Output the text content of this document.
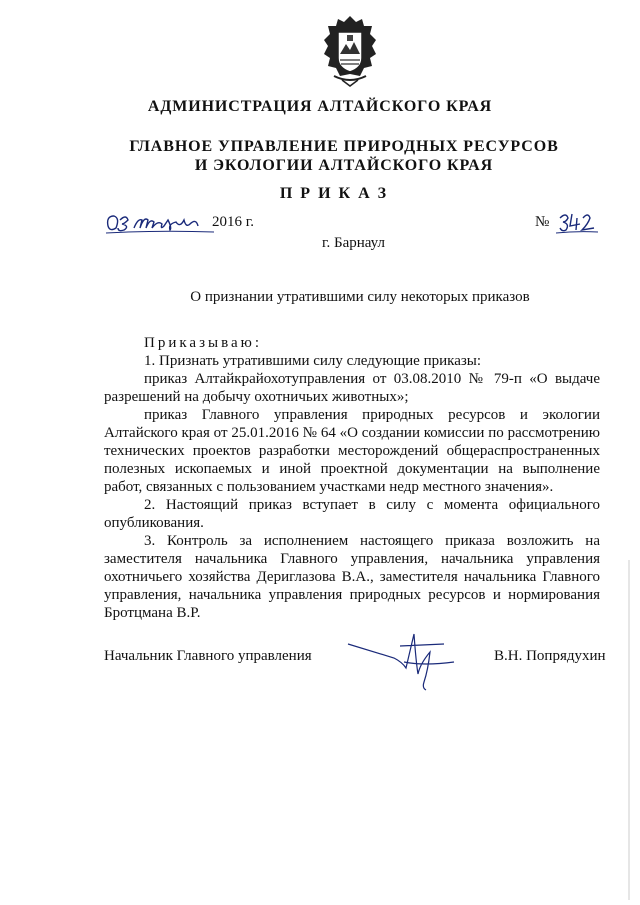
АДМИНИСТРАЦИЯ АЛТАЙСКОГО КРАЯ
ГЛАВНОЕ УПРАВЛЕНИЕ ПРИРОДНЫХ РЕСУРСОВ
И ЭКОЛОГИИ АЛТАЙСКОГО КРАЯ
П Р И К А З
2016 г.	№
г. Барнаул
О признании утратившими силу некоторых приказов

Приказываю:

1. Признать утратившими силу следующие приказы:

приказ Алтайкрайохотуправления от 03.08.2010 № 79-п «О выдаче разрешений на добычу охотничьих животных»;

приказ Главного управления природных ресурсов и экологии Алтайского края от 25.01.2016 № 64 «О создании комиссии по рассмотрению технических проектов разработки месторождений общераспространенных полезных ископаемых и иной проектной документации на выполнение работ, связанных с пользованием участками недр местного значения».

2. Настоящий приказ вступает в силу с момента официального опубликования.

3. Контроль за исполнением настоящего приказа возложить на заместителя начальника Главного управления, начальника управления охотничьего хозяйства Дериглазова В.А., заместителя начальника Главного управления, начальника управления природных ресурсов и нормирования Бротцмана В.Р.

Начальник Главного управления	В.Н. Попрядухин
